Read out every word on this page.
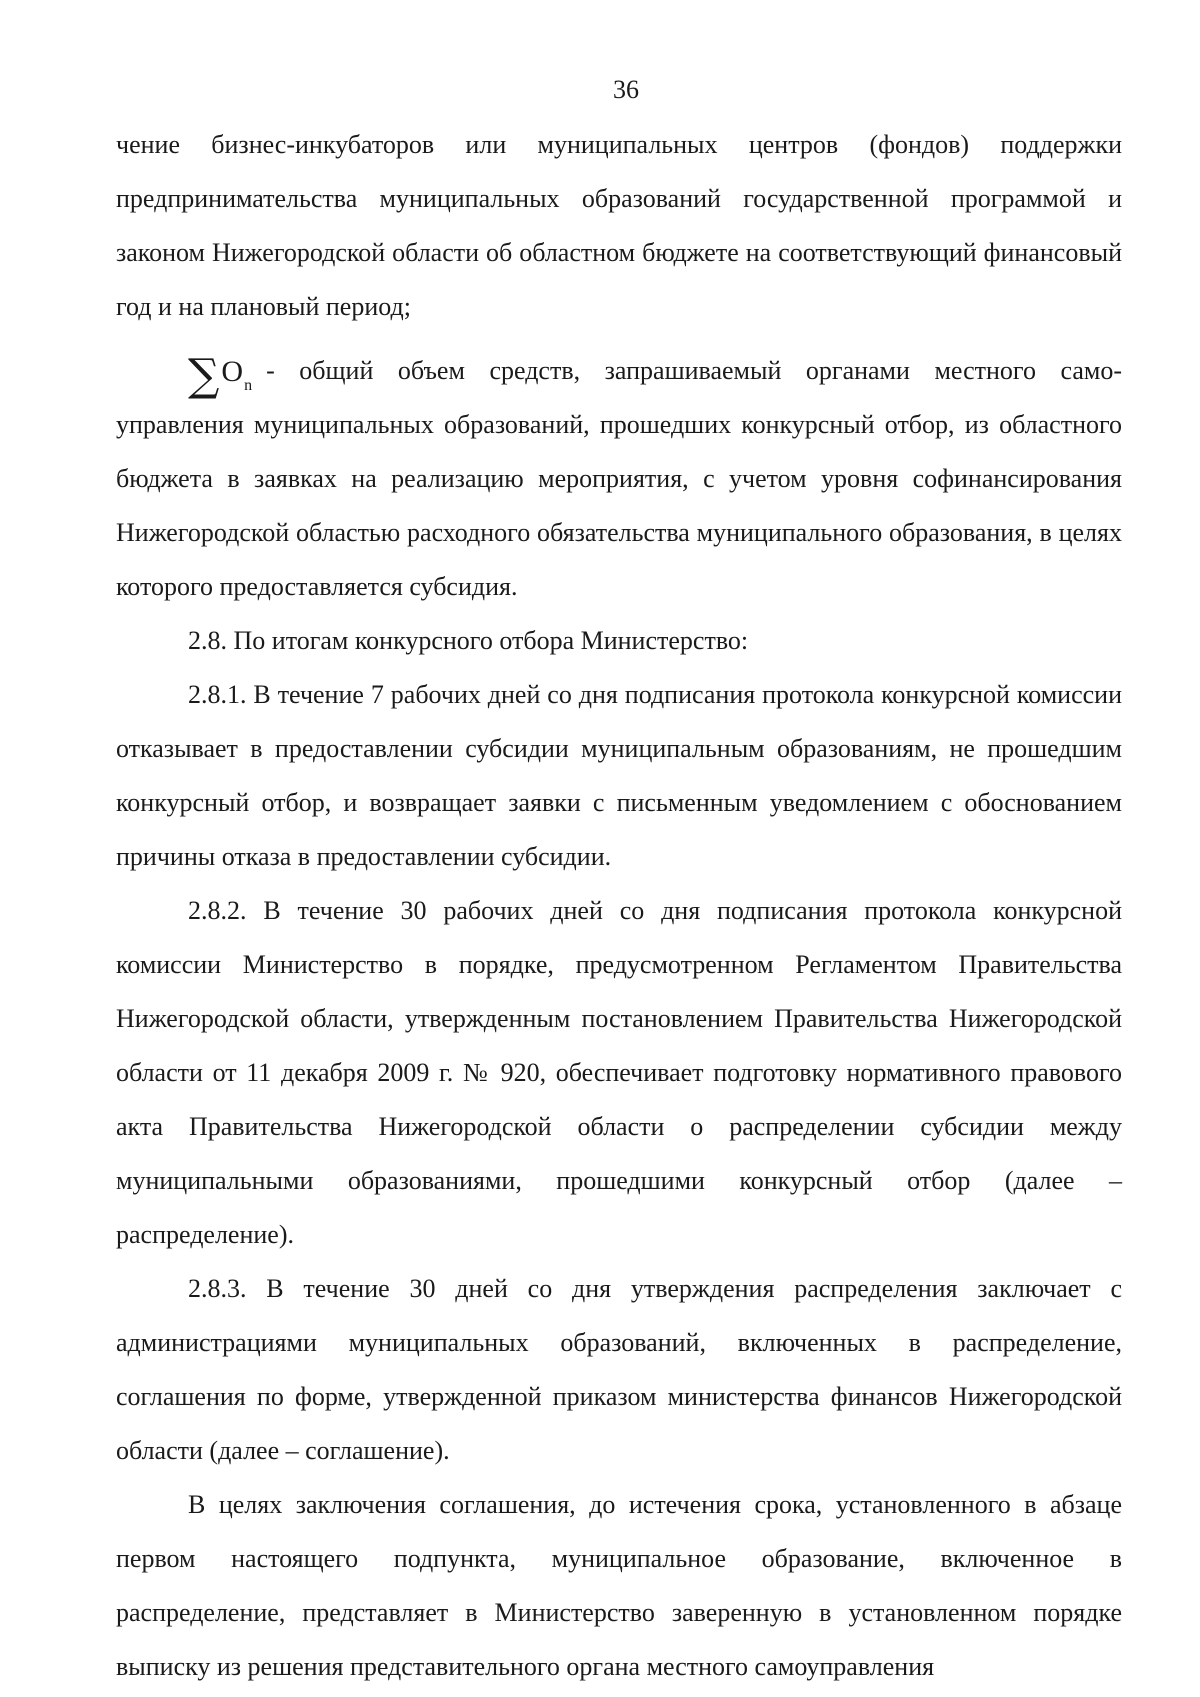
36

чение бизнес-инкубаторов или муниципальных центров (фондов) поддержки предпринимательства муниципальных образований государственной программой и законом Нижегородской области об областном бюджете на соответствующий финансовый год и на плановый период;

∑ O n
- общий объем средств, запрашиваемый органами местного само-

управления муниципальных образований, прошедших конкурсный отбор, из областного бюджета в заявках на реализацию мероприятия, с учетом уровня софинансирования Нижегородской областью расходного обязательства муниципального образования, в целях которого предоставляется субсидия.

2.8. По итогам конкурсного отбора Министерство:

2.8.1. В течение 7 рабочих дней со дня подписания протокола конкурсной комиссии отказывает в предоставлении субсидии муниципальным образованиям, не прошедшим конкурсный отбор, и возвращает заявки с письменным уведомлением с обоснованием причины отказа в предоставлении субсидии.

2.8.2. В течение 30 рабочих дней со дня подписания протокола конкурсной комиссии Министерство в порядке, предусмотренном Регламентом Правительства Нижегородской области, утвержденным постановлением Правительства Нижегородской области от 11 декабря 2009 г. № 920, обеспечивает подготовку нормативного правового акта Правительства Нижегородской области о распределении субсидии между муниципальными образованиями, прошедшими конкурсный отбор (далее – распределение).

2.8.3. В течение 30 дней со дня утверждения распределения заключает с администрациями муниципальных образований, включенных в распределение, соглашения по форме, утвержденной приказом министерства финансов Нижегородской области (далее – соглашение).

В целях заключения соглашения, до истечения срока, установленного в абзаце первом настоящего подпункта, муниципальное образование, включенное в распределение, представляет в Министерство заверенную в установленном порядке выписку из решения представительного органа местного самоуправления
